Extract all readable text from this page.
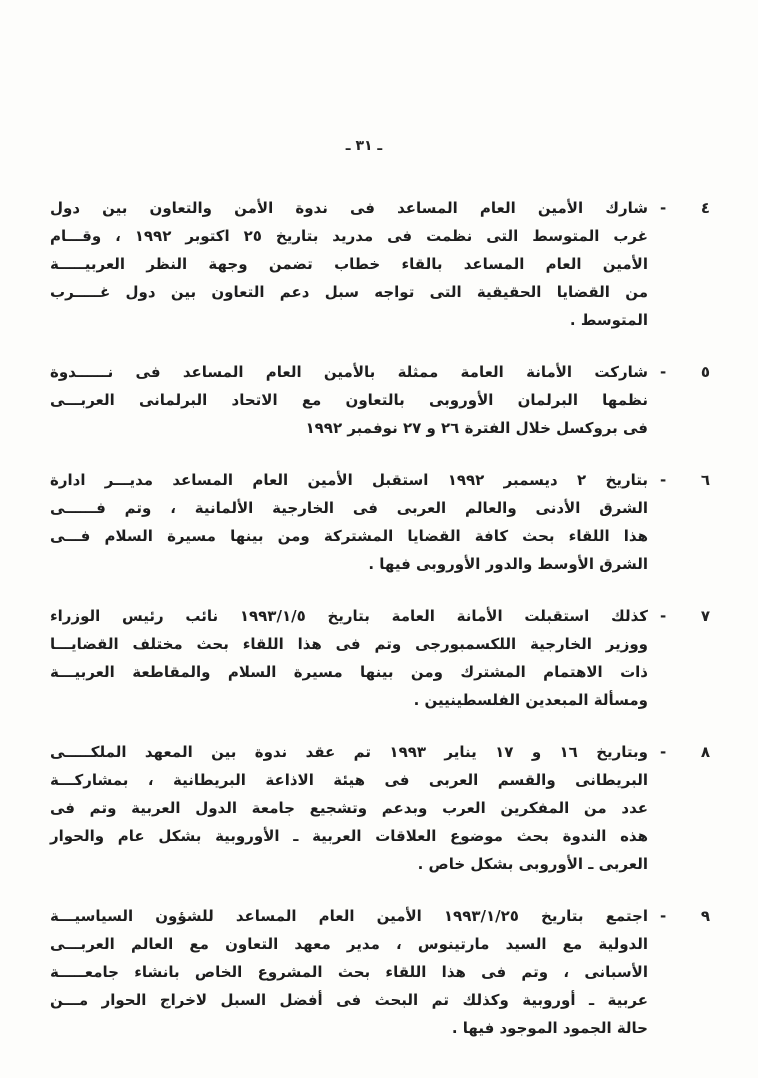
ـ ٣١ ـ
٤
-
شارك الأمين العام المساعد فى ندوة الأمن والتعاون بين دول
غرب المتوسط التى نظمت فى مدريد بتاريخ ٢٥ اكتوبر ١٩٩٢ ، وقـــام
الأمين العام المساعد بالقاء خطاب تضمن وجهة النظر العربيـــــة
من القضايا الحقيقية التى تواجه سبل دعم التعاون بين دول غـــــرب
المتوسط .
٥
-
شاركت الأمانة العامة ممثلة بالأمين العام المساعد فى نــــــدوة
نظمها البرلمان الأوروبى بالتعاون مع الاتحاد البرلمانى العربـــى
فى بروكسل خلال الفترة ٢٦ و ٢٧ نوفمبر ١٩٩٢
٦
-
بتاريخ ٢ ديسمبر ١٩٩٢ استقبل الأمين العام المساعد مديـــر ادارة
الشرق الأدنى والعالم العربى فى الخارجية الألمانية ، وتم فــــــى
هذا اللقاء بحث كافة القضايا المشتركة ومن بينها مسيرة السلام فـــى
الشرق الأوسط والدور الأوروبى فيها .
٧
-
كذلك استقبلت الأمانة العامة بتاريخ ١٩٩٣/١/٥ نائب رئيس الوزراء
ووزير الخارجية اللكسمبورجى وتم فى هذا اللقاء بحث مختلف القضايـــا
ذات الاهتمام المشترك ومن بينها مسيرة السلام والمقاطعة العربيـــة
ومسألة المبعدين الفلسطينيين .
٨
-
وبتاريخ ١٦ و ١٧ يناير ١٩٩٣ تم عقد ندوة بين المعهد الملكـــــى
البريطانى والقسم العربى فى هيئة الاذاعة البريطانية ، بمشاركـــة
عدد من المفكرين العرب وبدعم وتشجيع جامعة الدول العربية وتم فى
هذه الندوة بحث موضوع العلاقات العربية ـ الأوروبية بشكل عام والحوار
العربى ـ الأوروبى بشكل خاص .
٩
-
اجتمع بتاريخ ١٩٩٣/١/٢٥ الأمين العام المساعد للشؤون السياسيـــة
الدولية مع السيد مارتينوس ، مدير معهد التعاون مع العالم العربـــى
الأسبانى ، وتم فى هذا اللقاء بحث المشروع الخاص بانشاء جامعـــــة
عربية ـ أوروبية وكذلك تم البحث فى أفضل السبل لاخراج الحوار مـــن
حالة الجمود الموجود فيها .
